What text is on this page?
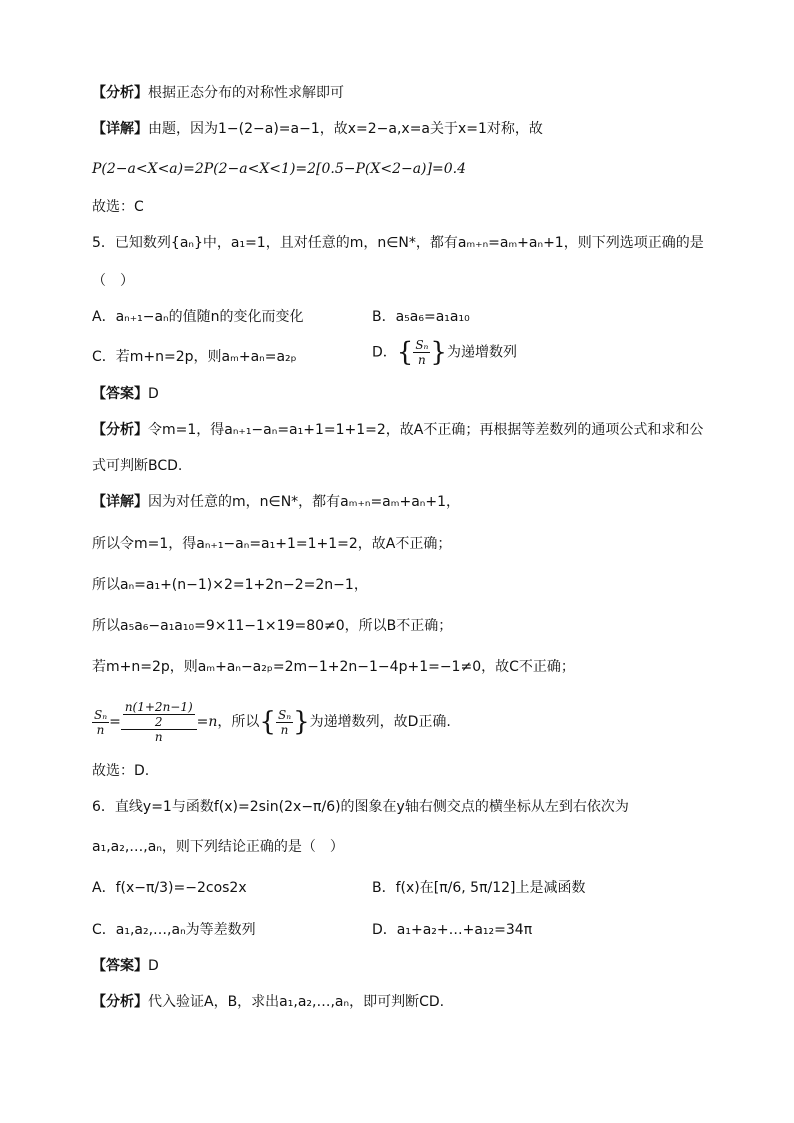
【分析】根据正态分布的对称性求解即可
【详解】由题，因为1−(2−a)=a−1，故x=2−a,x=a关于x=1对称，故
P(2−a<X<a)=2P(2−a<X<1)=2[0.5−P(X<2−a)]=0.4
故选：C
5．已知数列{aₙ}中，a₁=1，且对任意的m，n∈N*，都有aₘ₊ₙ=aₘ+aₙ+1，则下列选项正确的是
（　）
A．aₙ₊₁−aₙ的值随n的变化而变化	B．a₅a₆=a₁a₁₀
C．若m+n=2p，则aₘ+aₙ=a₂ₚ	D．{ $\frac{\text{Sₙ}}{n}$ }为递增数列
【答案】D
【分析】令m=1，得aₙ₊₁−aₙ=a₁+1=1+1=2，故A不正确；再根据等差数列的通项公式和求和公
式可判断BCD.
【详解】因为对任意的m，n∈N*，都有aₘ₊ₙ=aₘ+aₙ+1，
所以令m=1，得aₙ₊₁−aₙ=a₁+1=1+1=2，故A不正确；
所以aₙ=a₁+(n−1)×2=1+2n−2=2n−1，
所以a₅a₆−a₁a₁₀=9×11−1×19=80≠0，所以B不正确；
若m+n=2p，则aₘ+aₙ−a₂ₚ=2m−1+2n−1−4p+1=−1≠0，故C不正确；
$\frac{\text{Sₙ}}{n} = \frac{\frac{n(1+2n-1)}{2}}{n} =n$，所以{ $\frac{\text{Sₙ}}{n}$ }为递增数列，故D正确.
故选：D.
6．直线y=1与函数f(x)=2sin(2x−π/6)的图象在y轴右侧交点的横坐标从左到右依次为
a₁,a₂,…,aₙ，则下列结论正确的是（　）
A．f(x−π/3)=−2cos2x	B．f(x)在[π/6, 5π/12]上是减函数
C．a₁,a₂,…,aₙ为等差数列	D．a₁+a₂+…+a₁₂=34π
【答案】D
【分析】代入验证A，B，求出a₁,a₂,…,aₙ，即可判断CD.
